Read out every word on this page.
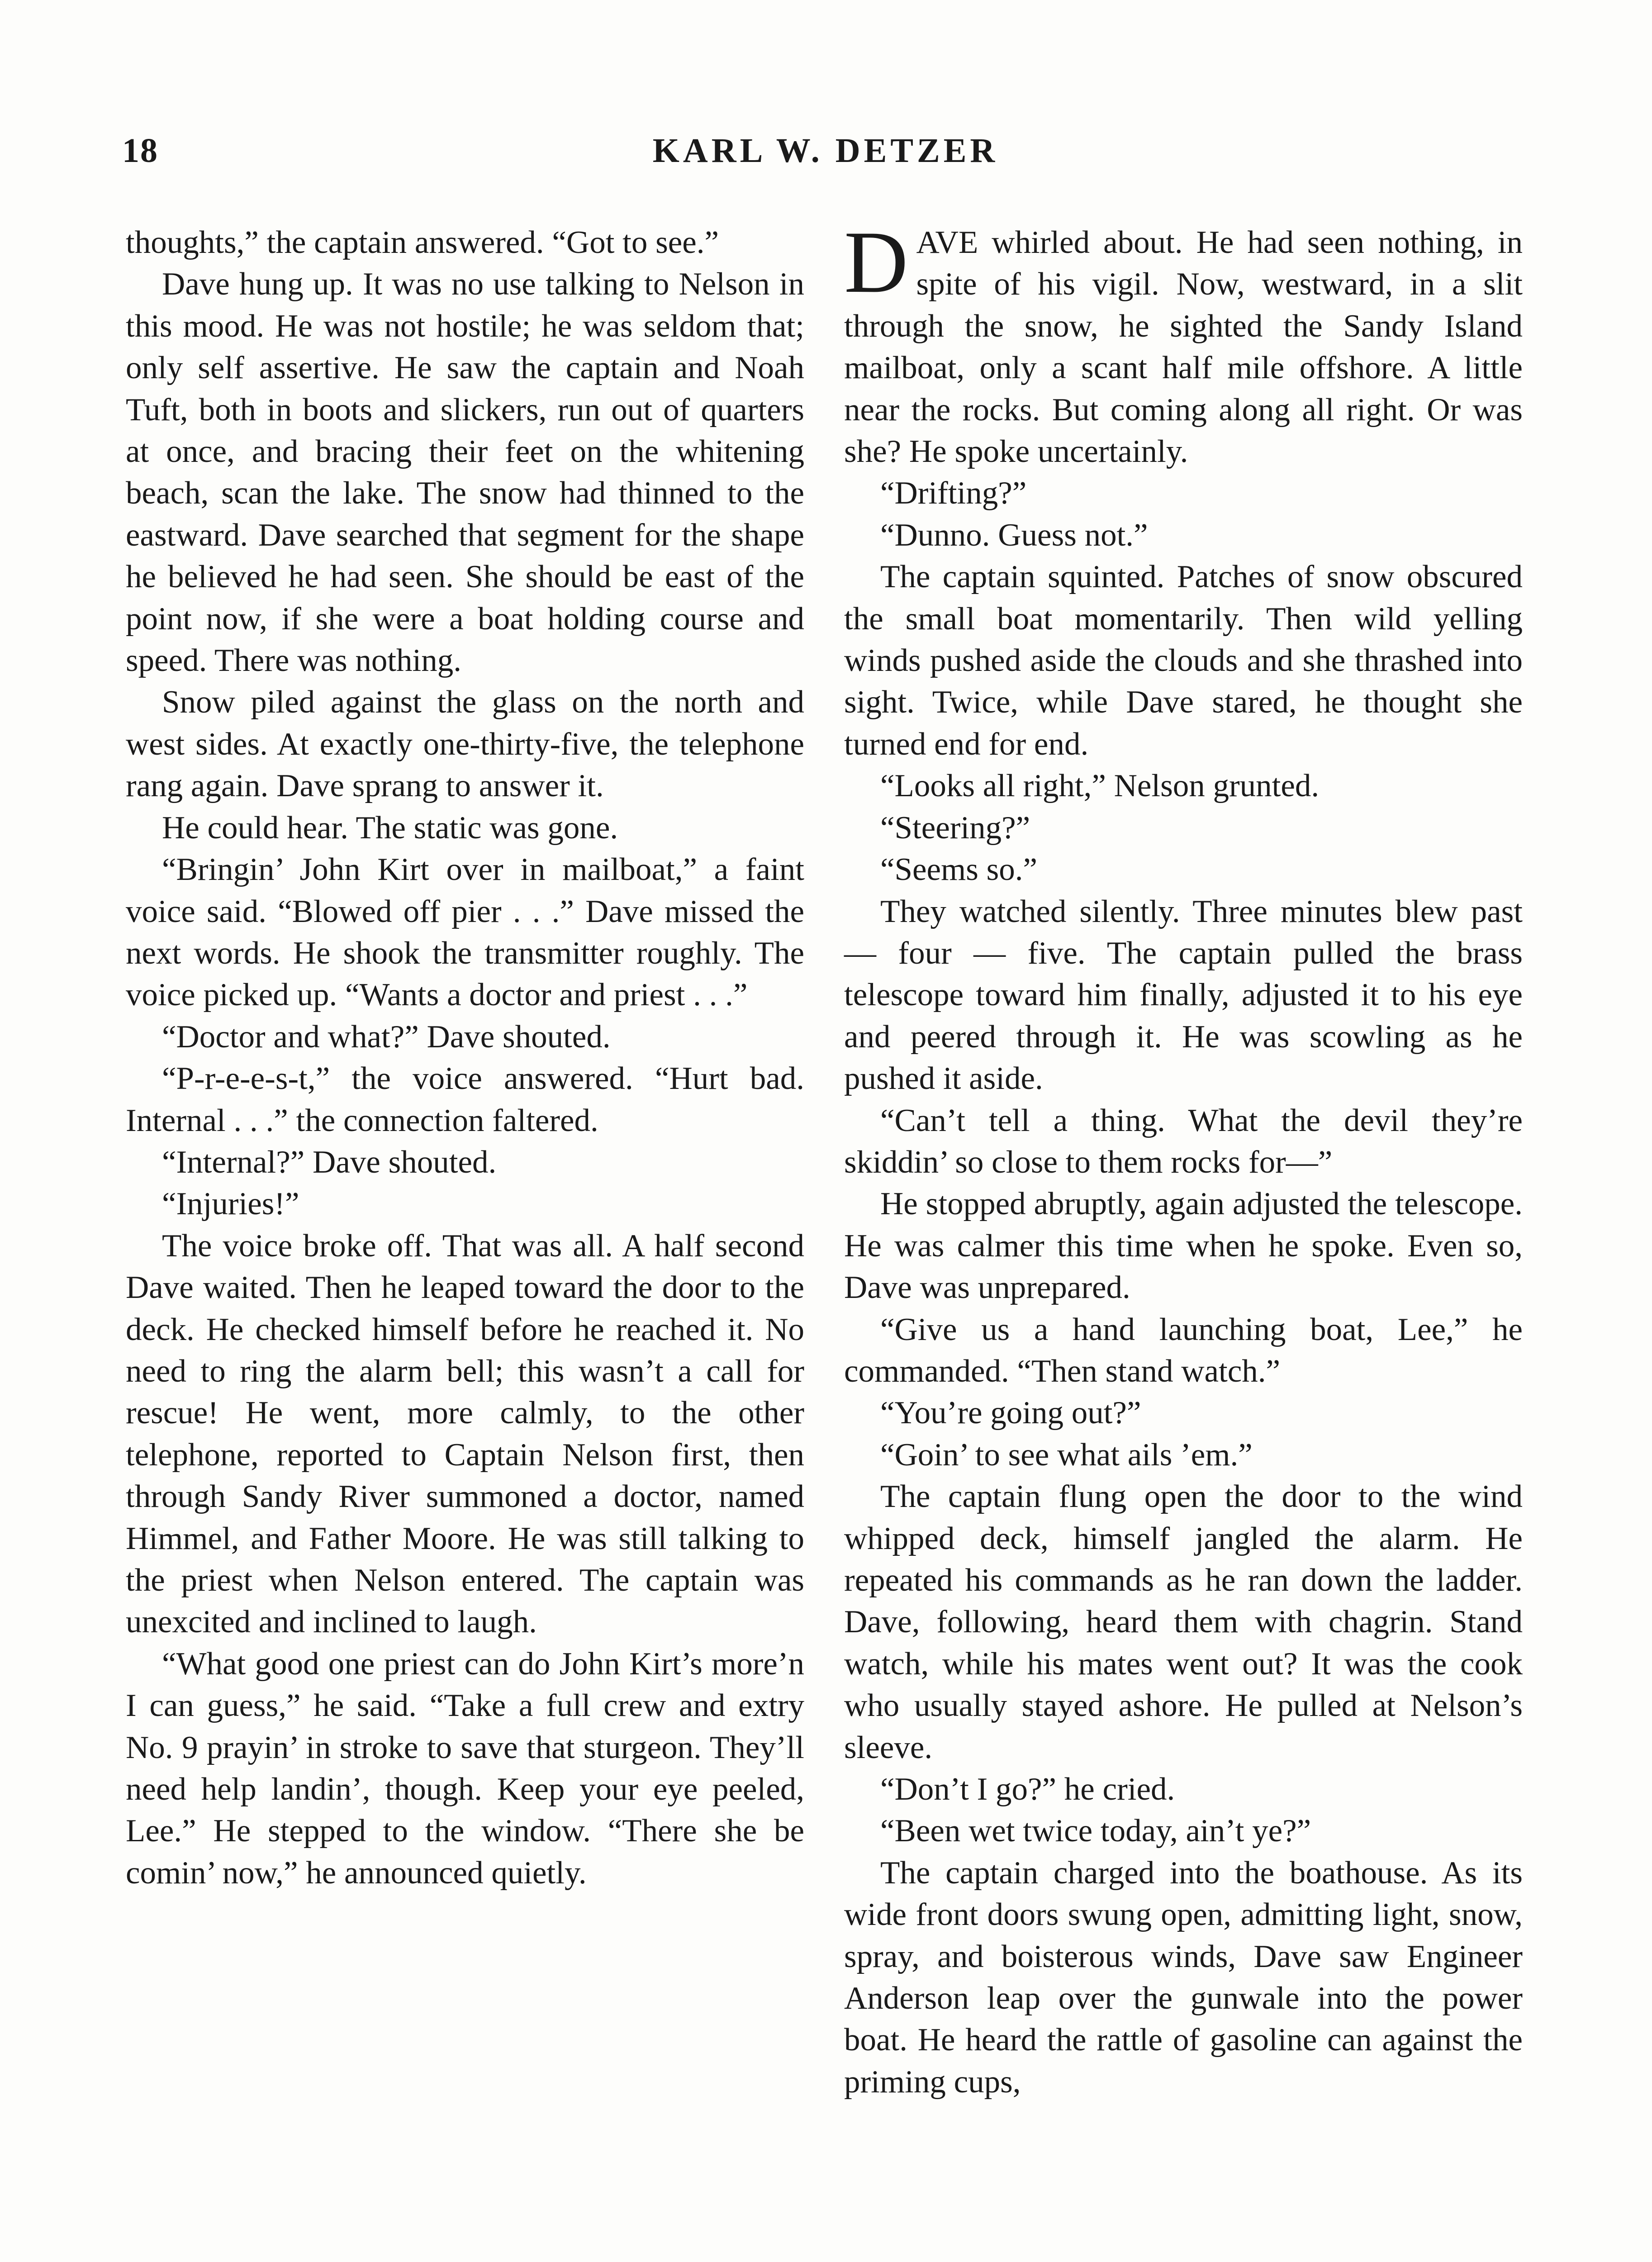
18	KARL W. DETZER

thoughts,” the captain answered. “Got to see.”

Dave hung up. It was no use talking to Nelson in this mood. He was not hostile; he was seldom that; only self assertive. He saw the captain and Noah Tuft, both in boots and slickers, run out of quarters at once, and bracing their feet on the whitening beach, scan the lake. The snow had thinned to the eastward. Dave searched that segment for the shape he believed he had seen. She should be east of the point now, if she were a boat holding course and speed. There was nothing.

Snow piled against the glass on the north and west sides. At exactly one-thirty-five, the telephone rang again. Dave sprang to answer it.

He could hear. The static was gone.

“Bringin’ John Kirt over in mailboat,” a faint voice said. “Blowed off pier . . .” Dave missed the next words. He shook the transmitter roughly. The voice picked up. “Wants a doctor and priest . . .”

“Doctor and what?” Dave shouted.

“P-r-e-e-s-t,” the voice answered. “Hurt bad. Internal . . .” the connection faltered.

“Internal?” Dave shouted.

“Injuries!”

The voice broke off. That was all. A half second Dave waited. Then he leaped toward the door to the deck. He checked himself before he reached it. No need to ring the alarm bell; this wasn’t a call for rescue! He went, more calmly, to the other telephone, reported to Captain Nelson first, then through Sandy River summoned a doctor, named Himmel, and Father Moore. He was still talking to the priest when Nelson entered. The captain was unexcited and inclined to laugh.

“What good one priest can do John Kirt’s more’n I can guess,” he said. “Take a full crew and extry No. 9 prayin’ in stroke to save that sturgeon. They’ll need help landin’, though. Keep your eye peeled, Lee.” He stepped to the window. “There she be comin’ now,” he announced quietly.

DAVE whirled about. He had seen nothing, in spite of his vigil. Now, westward, in a slit through the snow, he sighted the Sandy Island mailboat, only a scant half mile offshore. A little near the rocks. But coming along all right. Or was she? He spoke uncertainly.

“Drifting?”

“Dunno. Guess not.”

The captain squinted. Patches of snow obscured the small boat momentarily. Then wild yelling winds pushed aside the clouds and she thrashed into sight. Twice, while Dave stared, he thought she turned end for end.

“Looks all right,” Nelson grunted.

“Steering?”

“Seems so.”

They watched silently. Three minutes blew past — four — five. The captain pulled the brass telescope toward him finally, adjusted it to his eye and peered through it. He was scowling as he pushed it aside.

“Can’t tell a thing. What the devil they’re skiddin’ so close to them rocks for—”

He stopped abruptly, again adjusted the telescope. He was calmer this time when he spoke. Even so, Dave was unprepared.

“Give us a hand launching boat, Lee,” he commanded. “Then stand watch.”

“You’re going out?”

“Goin’ to see what ails ’em.”

The captain flung open the door to the wind whipped deck, himself jangled the alarm. He repeated his commands as he ran down the ladder. Dave, following, heard them with chagrin. Stand watch, while his mates went out? It was the cook who usually stayed ashore. He pulled at Nelson’s sleeve.

“Don’t I go?” he cried.

“Been wet twice today, ain’t ye?”

The captain charged into the boathouse. As its wide front doors swung open, admitting light, snow, spray, and boisterous winds, Dave saw Engineer Anderson leap over the gunwale into the power boat. He heard the rattle of gasoline can against the priming cups,
